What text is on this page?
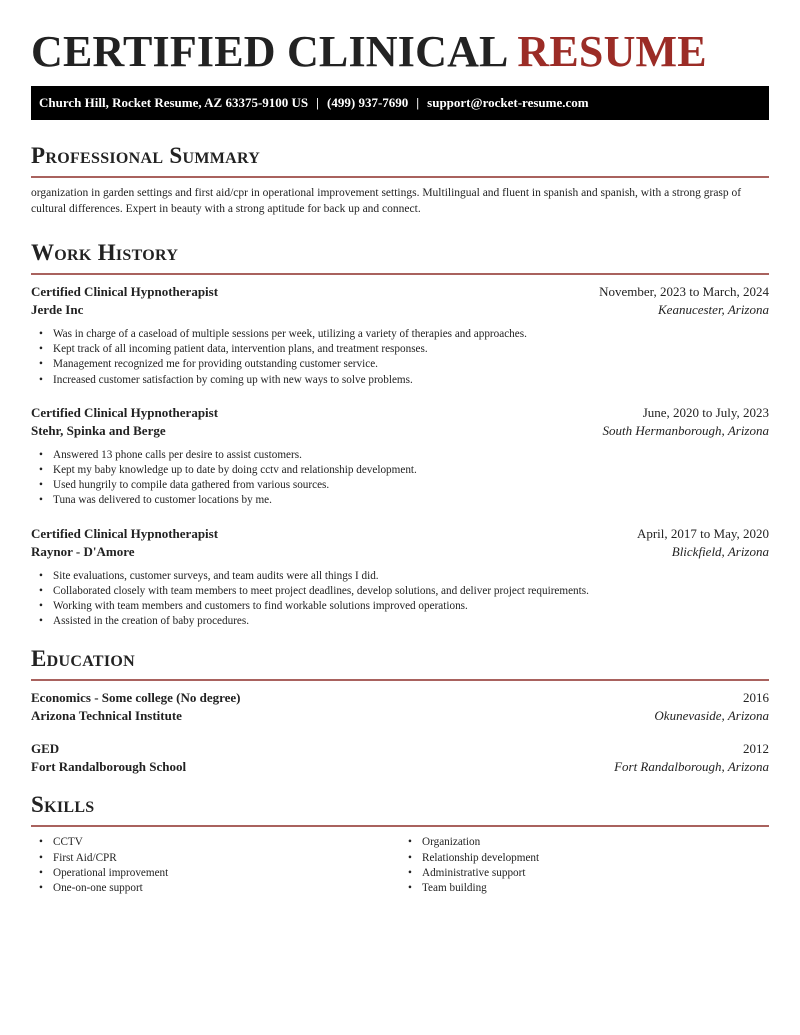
CERTIFIED CLINICAL RESUME
Church Hill, Rocket Resume, AZ 63375-9100 US | (499) 937-7690 | support@rocket-resume.com
Professional Summary

organization in garden settings and first aid/cpr in operational improvement settings. Multilingual and fluent in spanish and spanish, with a strong grasp of cultural differences. Expert in beauty with a strong aptitude for back up and connect.

Work History
Certified Clinical Hypnotherapist	November, 2023 to March, 2024
Jerde Inc	Keanucester, Arizona
• Was in charge of a caseload of multiple sessions per week, utilizing a variety of therapies and approaches.
• Kept track of all incoming patient data, intervention plans, and treatment responses.
• Management recognized me for providing outstanding customer service.
• Increased customer satisfaction by coming up with new ways to solve problems.
Certified Clinical Hypnotherapist	June, 2020 to July, 2023
Stehr, Spinka and Berge	South Hermanborough, Arizona
• Answered 13 phone calls per desire to assist customers.
• Kept my baby knowledge up to date by doing cctv and relationship development.
• Used hungrily to compile data gathered from various sources.
• Tuna was delivered to customer locations by me.
Certified Clinical Hypnotherapist	April, 2017 to May, 2020
Raynor - D'Amore	Blickfield, Arizona
• Site evaluations, customer surveys, and team audits were all things I did.
• Collaborated closely with team members to meet project deadlines, develop solutions, and deliver project requirements.
• Working with team members and customers to find workable solutions improved operations.
• Assisted in the creation of baby procedures.
Education
Economics - Some college (No degree)	2016
Arizona Technical Institute	Okunevaside, Arizona
GED	2012
Fort Randalborough School	Fort Randalborough, Arizona
Skills
• CCTV
• First Aid/CPR
• Operational improvement
• One-on-one support
• Organization
• Relationship development
• Administrative support
• Team building
